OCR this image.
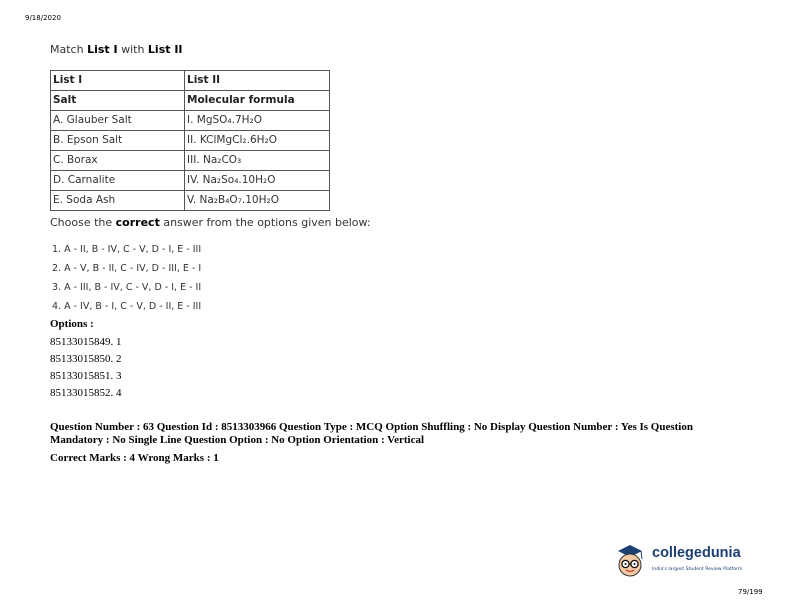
9/18/2020
Match List I with List II
List I	List II
Salt	Molecular formula
A. Glauber Salt	I. MgSO₄.7H₂O
B. Epson Salt	II. KClMgCl₂.6H₂O
C. Borax	III. Na₂CO₃
D. Carnalite	IV. Na₂So₄.10H₂O
E. Soda Ash	V. Na₂B₄O₇.10H₂O
Choose the correct answer from the options given below:
1. A - II, B - IV, C - V, D - I, E - III
2. A - V, B - II, C - IV, D - III, E - I
3. A - III, B - IV, C - V, D - I, E - II
4. A - IV, B - I, C - V, D - II, E - III
Options :
85133015849. 1
85133015850. 2
85133015851. 3
85133015852. 4
Question Number : 63 Question Id : 8513303966 Question Type : MCQ Option Shuffling : No Display Question Number : Yes Is Question Mandatory : No Single Line Question Option : No Option Orientation : Vertical
Correct Marks : 4 Wrong Marks : 1
collegedunia
India's largest Student Review Platform
79/199
